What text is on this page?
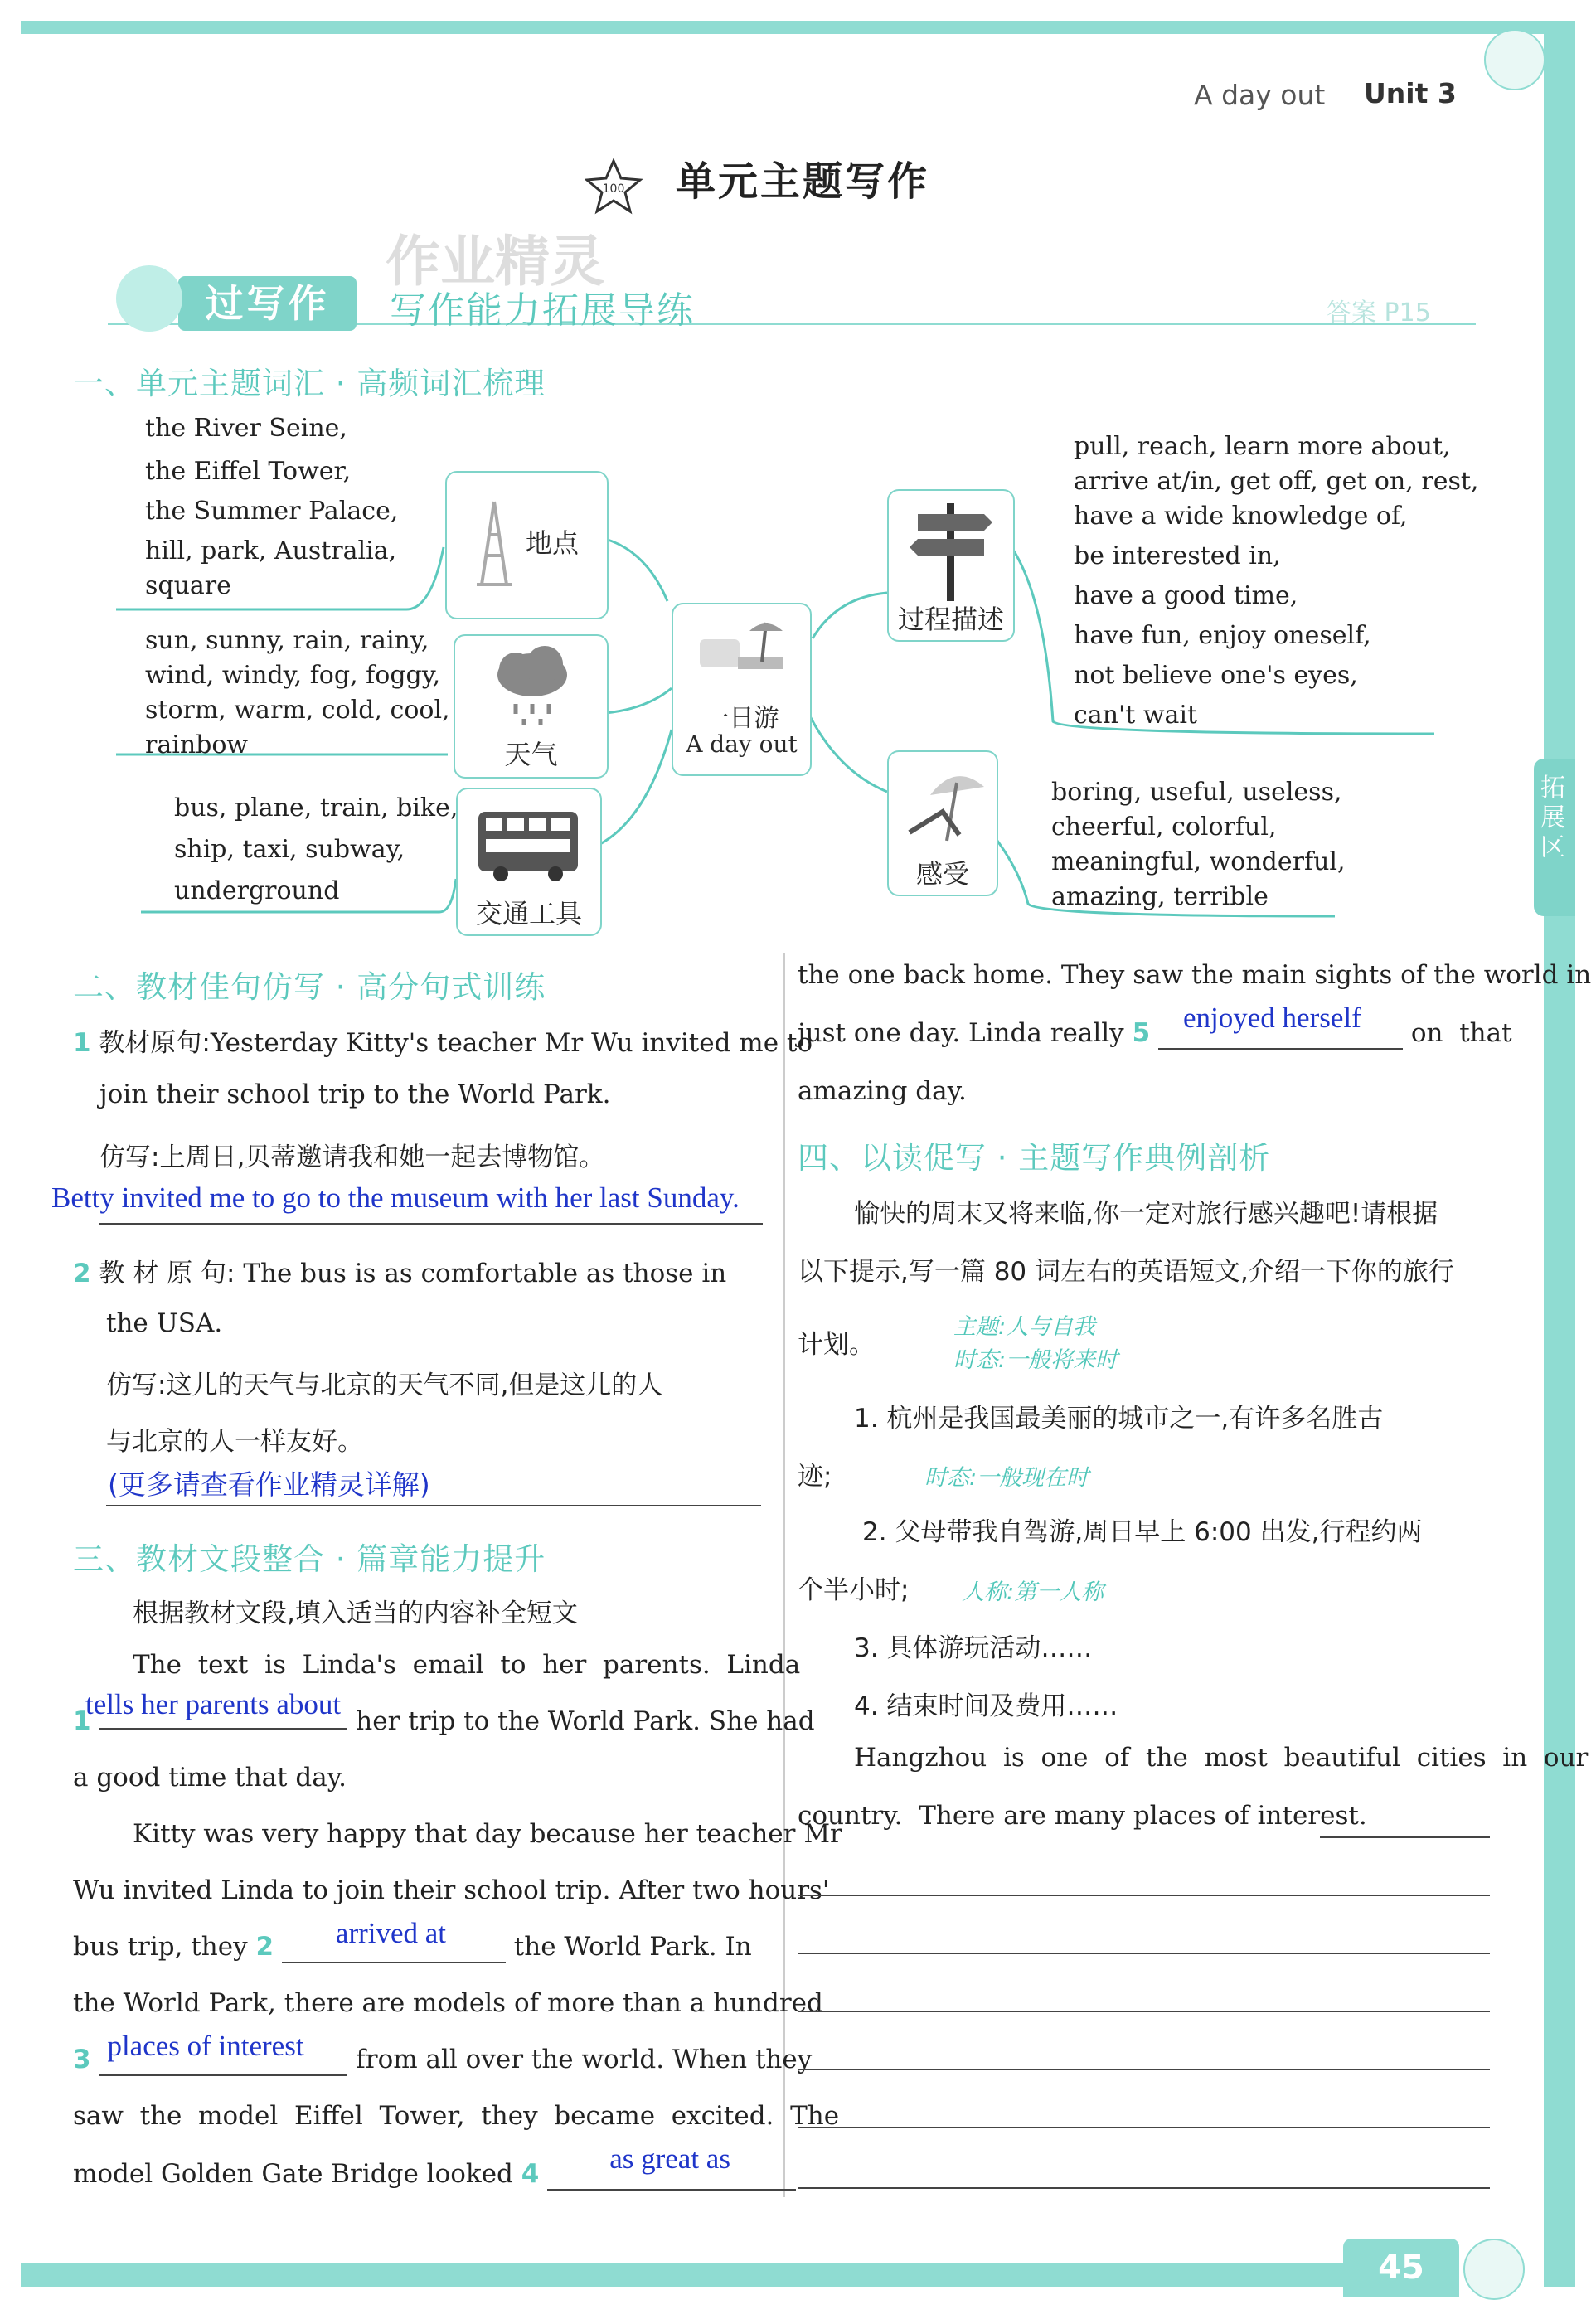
拓展区
45
A day out Unit 3
100 单元主题写作
过写作	写作能力拓展导练	答案 P15
作业精灵
一、单元主题词汇 · 高频词汇梳理
一日游
A day out
地点
the River Seine,
the Eiffel Tower,
the Summer Palace,
hill, park, Australia,
square
天气
sun, sunny, rain, rainy,
wind, windy, fog, foggy,
storm, warm, cold, cool,
rainbow
交通工具
bus, plane, train, bike,
ship, taxi, subway,
underground
过程描述
pull, reach, learn more about,
arrive at/in, get off, get on, rest,
have a wide knowledge of,
be interested in,
have a good time,
have fun, enjoy oneself,
not believe one's eyes,
can't wait
感受
boring, useful, useless,
cheerful, colorful,
meaningful, wonderful,
amazing, terrible
二、教材佳句仿写 · 高分句式训练
1 教材原句:Yesterday Kitty's teacher Mr Wu invited me to
join their school trip to the World Park.
仿写:上周日,贝蒂邀请我和她一起去博物馆。
Betty invited me to go to the museum with her last Sunday.
2 教 材 原 句: The bus is as comfortable as those in
the USA.
仿写:这儿的天气与北京的天气不同,但是这儿的人
与北京的人一样友好。
(更多请查看作业精灵详解)
三、教材文段整合 · 篇章能力提升
根据教材文段,填入适当的内容补全短文
The  text  is  Linda's  email  to  her  parents.  Linda
1
tells her parents about
her trip to the World Park. She had
a good time that day.
Kitty was very happy that day because her teacher Mr
Wu invited Linda to join their school trip. After two hours'
bus trip, they 2 arrived at	the World Park. In
the World Park, there are models of more than a hundred
3 places of interest from all over the world. When they
saw  the  model  Eiffel  Tower,  they  became  excited.  The
model Golden Gate Bridge looked 4 as great as

the one back home. They saw the main sights of the world in
just one day. Linda really 5 enjoyed herself on  that
amazing day.
四、以读促写 · 主题写作典例剖析
愉快的周末又将来临,你一定对旅行感兴趣吧!请根据
以下提示,写一篇 80 词左右的英语短文,介绍一下你的旅行
计划。
主题:人与自我
时态:一般将来时
1. 杭州是我国最美丽的城市之一,有许多名胜古
迹;	时态:一般现在时
2. 父母带我自驾游,周日早上 6:00 出发,行程约两
个半小时; 人称:第一人称
3. 具体游玩活动……
4. 结束时间及费用……
Hangzhou  is  one  of  the  most  beautiful  cities  in  our
country.  There are many places of interest.
